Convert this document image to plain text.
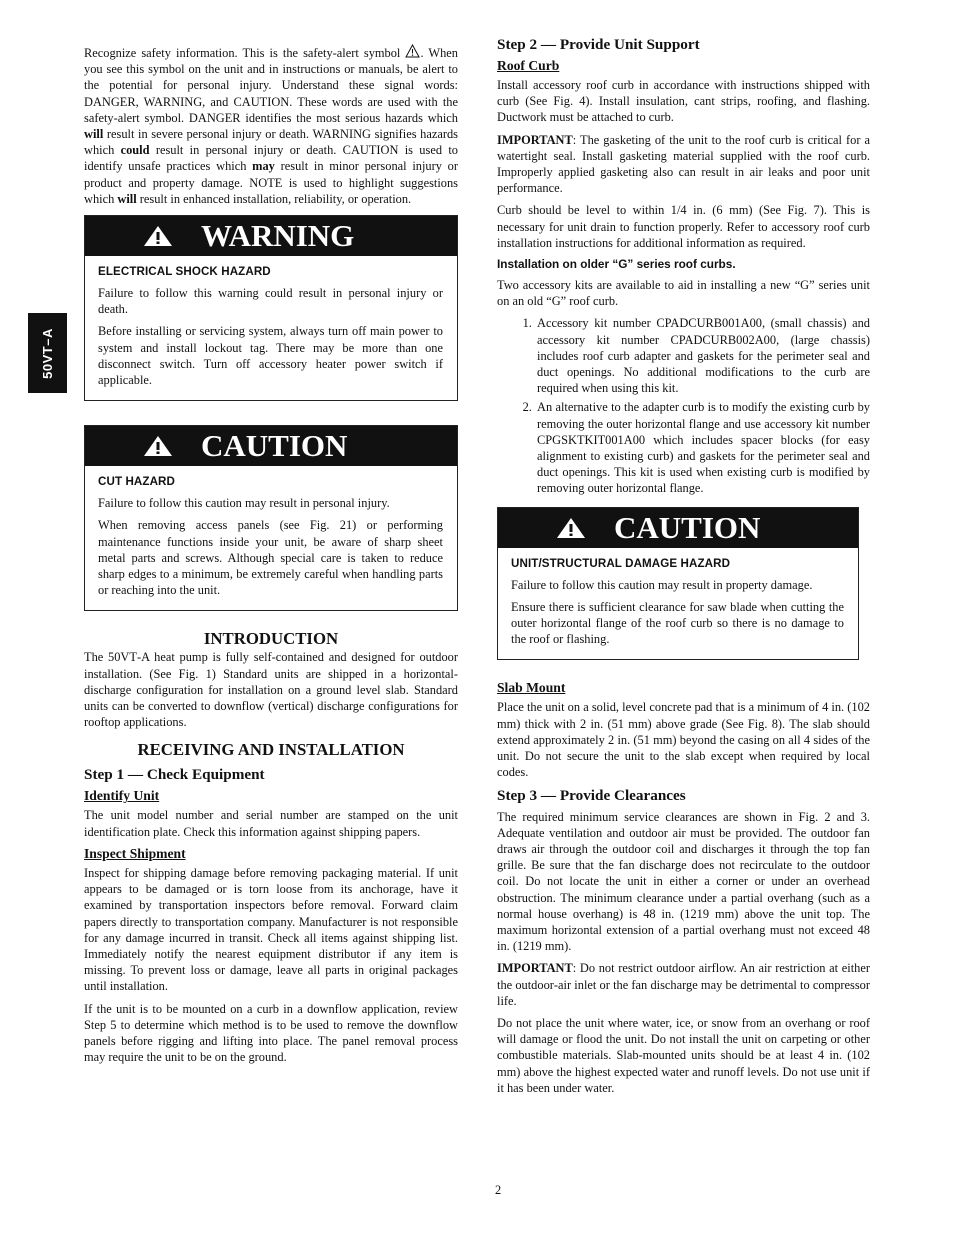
50VT–A

Recognize safety information. This is the safety‐alert symbol . When you see this symbol on the unit and in instructions or manuals, be alert to the potential for personal injury. Understand these signal words: DANGER, WARNING, and CAUTION. These words are used with the safety‐alert symbol. DANGER identifies the most serious hazards which will result in severe personal injury or death. WARNING signifies hazards which could result in personal injury or death. CAUTION is used to identify unsafe practices which may result in minor personal injury or product and property damage. NOTE is used to highlight suggestions which will result in enhanced installation, reliability, or operation.

WARNING
ELECTRICAL SHOCK HAZARD

Failure to follow this warning could result in personal injury or death.

Before installing or servicing system, always turn off main power to system and install lockout tag. There may be more than one disconnect switch. Turn off accessory heater power switch if applicable.

CAUTION
CUT HAZARD

Failure to follow this caution may result in personal injury.

When removing access panels (see Fig. 21) or performing maintenance functions inside your unit, be aware of sharp sheet metal parts and screws. Although special care is taken to reduce sharp edges to a minimum, be extremely careful when handling parts or reaching into the unit.

INTRODUCTION

The 50VT‐A heat pump is fully self‐contained and designed for outdoor installation. (See Fig. 1) Standard units are shipped in a horizontal‐discharge configuration for installation on a ground level slab. Standard units can be converted to downflow (vertical) discharge configurations for rooftop applications.

RECEIVING AND INSTALLATION
Step 1 — Check Equipment
Identify Unit

The unit model number and serial number are stamped on the unit identification plate. Check this information against shipping papers.

Inspect Shipment

Inspect for shipping damage before removing packaging material. If unit appears to be damaged or is torn loose from its anchorage, have it examined by transportation inspectors before removal. Forward claim papers directly to transportation company. Manufacturer is not responsible for any damage incurred in transit. Check all items against shipping list. Immediately notify the nearest equipment distributor if any item is missing. To prevent loss or damage, leave all parts in original packages until installation.

If the unit is to be mounted on a curb in a downflow application, review Step 5 to determine which method is to be used to remove the downflow panels before rigging and lifting into place. The panel removal process may require the unit to be on the ground.

Step 2 — Provide Unit Support
Roof Curb

Install accessory roof curb in accordance with instructions shipped with curb (See Fig. 4). Install insulation, cant strips, roofing, and flashing. Ductwork must be attached to curb.

IMPORTANT: The gasketing of the unit to the roof curb is critical for a watertight seal. Install gasketing material supplied with the roof curb. Improperly applied gasketing also can result in air leaks and poor unit performance.

Curb should be level to within 1/4 in. (6 mm) (See Fig. 7). This is necessary for unit drain to function properly. Refer to accessory roof curb installation instructions for additional information as required.

Installation on older “G” series roof curbs.

Two accessory kits are available to aid in installing a new “G” series unit on an old “G” roof curb.

1. Accessory kit number CPADCURB001A00, (small chassis) and accessory kit number CPADCURB002A00, (large chassis) includes roof curb adapter and gaskets for the perimeter seal and duct openings. No additional modifications to the curb are required when using this kit.
2. An alternative to the adapter curb is to modify the existing curb by removing the outer horizontal flange and use accessory kit number CPGSKTKIT001A00 which includes spacer blocks (for easy alignment to existing curb) and gaskets for the perimeter seal and duct openings. This kit is used when existing curb is modified by removing outer horizontal flange.
CAUTION
UNIT/STRUCTURAL DAMAGE HAZARD

Failure to follow this caution may result in property damage.

Ensure there is sufficient clearance for saw blade when cutting the outer horizontal flange of the roof curb so there is no damage to the roof or flashing.

Slab Mount

Place the unit on a solid, level concrete pad that is a minimum of 4 in. (102 mm) thick with 2 in. (51 mm) above grade (See Fig. 8). The slab should extend approximately 2 in. (51 mm) beyond the casing on all 4 sides of the unit. Do not secure the unit to the slab except when required by local codes.

Step 3 — Provide Clearances

The required minimum service clearances are shown in Fig. 2 and 3. Adequate ventilation and outdoor air must be provided. The outdoor fan draws air through the outdoor coil and discharges it through the top fan grille. Be sure that the fan discharge does not recirculate to the outdoor coil. Do not locate the unit in either a corner or under an overhead obstruction. The minimum clearance under a partial overhang (such as a normal house overhang) is 48 in. (1219 mm) above the unit top. The maximum horizontal extension of a partial overhang must not exceed 48 in. (1219 mm).

IMPORTANT: Do not restrict outdoor airflow. An air restriction at either the outdoor‐air inlet or the fan discharge may be detrimental to compressor life.

Do not place the unit where water, ice, or snow from an overhang or roof will damage or flood the unit. Do not install the unit on carpeting or other combustible materials. Slab‐mounted units should be at least 4 in. (102 mm) above the highest expected water and runoff levels. Do not use unit if it has been under water.

2
